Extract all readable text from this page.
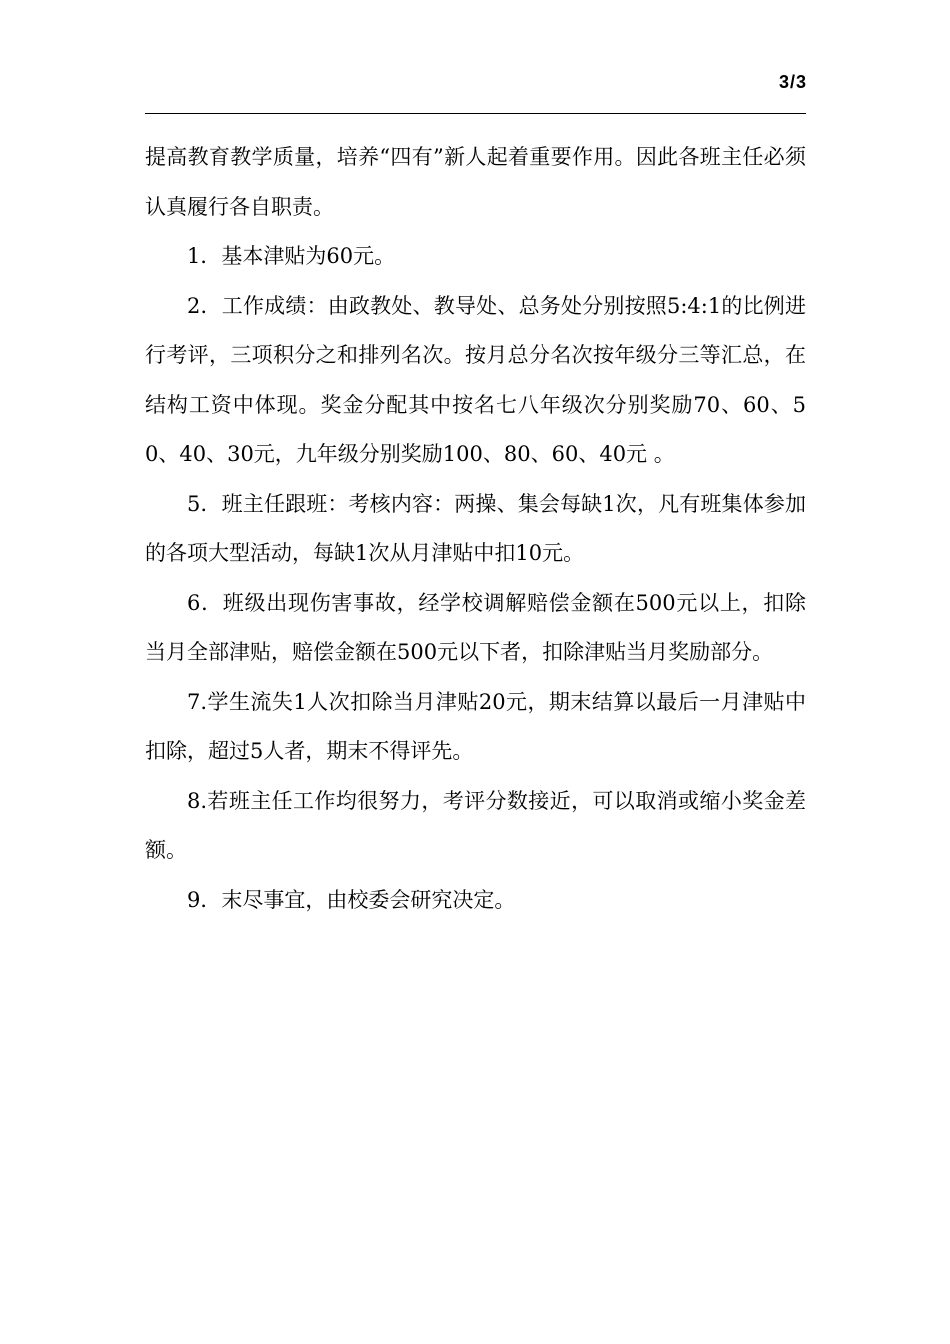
3/3

提高教育教学质量，培养“四有”新人起着重要作用。因此各班主任必须认真履行各自职责。

1．基本津贴为60元。

2．工作成绩：由政教处、教导处、总务处分别按照5:4:1的比例进行考评，三项积分之和排列名次。按月总分名次按年级分三等汇总，在结构工资中体现。奖金分配其中按名七八年级次分别奖励70、60、50、40、30元，九年级分别奖励100、80、60、40元 。

5．班主任跟班：考核内容：两操、集会每缺1次，凡有班集体参加的各项大型活动，每缺1次从月津贴中扣10元。

6．班级出现伤害事故，经学校调解赔偿金额在500元以上，扣除当月全部津贴，赔偿金额在500元以下者，扣除津贴当月奖励部分。

7.学生流失1人次扣除当月津贴20元，期末结算以最后一月津贴中扣除，超过5人者，期末不得评先。

8.若班主任工作均很努力，考评分数接近，可以取消或缩小奖金差额。

9．末尽事宜，由校委会研究决定。
